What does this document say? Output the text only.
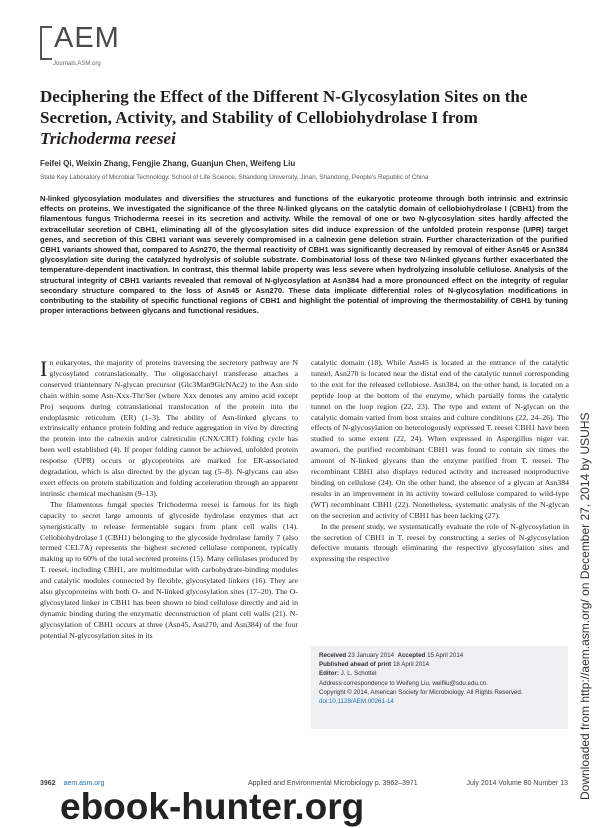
AEM
Journals.ASM.org
Deciphering the Effect of the Different N-Glycosylation Sites on the
Secretion, Activity, and Stability of Cellobiohydrolase I from
Trichoderma reesei
Feifei Qi, Weixin Zhang, Fengjie Zhang, Guanjun Chen, Weifeng Liu
State Key Laboratory of Microbial Technology, School of Life Science, Shandong University, Jinan, Shandong, People's Republic of China
N-linked glycosylation modulates and diversifies the structures and functions of the eukaryotic proteome through both intrinsic and extrinsic effects on proteins. We investigated the significance of the three N-linked glycans on the catalytic domain of cellobiohydrolase I (CBH1) from the filamentous fungus Trichoderma reesei in its secretion and activity. While the removal of one or two N-glycosylation sites hardly affected the extracellular secretion of CBH1, eliminating all of the glycosylation sites did induce expression of the unfolded protein response (UPR) target genes, and secretion of this CBH1 variant was severely compromised in a calnexin gene deletion strain. Further characterization of the purified CBH1 variants showed that, compared to Asn270, the thermal reactivity of CBH1 was significantly decreased by removal of either Asn45 or Asn384 glycosylation site during the catalyzed hydrolysis of soluble substrate. Combinatorial loss of these two N-linked glycans further exacerbated the temperature-dependent inactivation. In contrast, this thermal labile property was less severe when hydrolyzing insoluble cellulose. Analysis of the structural integrity of CBH1 variants revealed that removal of N-glycosylation at Asn384 had a more pronounced effect on the integrity of regular secondary structure compared to the loss of Asn45 or Asn270. These data implicate differential roles of N-glycosylation modifications in contributing to the stability of specific functional regions of CBH1 and highlight the potential of improving the thermostability of CBH1 by tuning proper interactions between glycans and functional residues.

In eukaryotes, the majority of proteins traversing the secretory pathway are N glycosylated cotranslationally. The oligosaccharyl transferase attaches a conserved triantennary N-glycan precursor (Glc3Man9GlcNAc2) to the Asn side chain within some Asn-Xxx-Thr/Ser (where Xxx denotes any amino acid except Pro) sequons during cotranslational translocation of the protein into the endoplasmic reticulum (ER) (1–3). The ability of Asn-linked glycans to extrinsically enhance protein folding and reduce aggregation in vivo by directing the protein into the calnexin and/or calreticulin (CNX/CRT) folding cycle has been well established (4). If proper folding cannot be achieved, unfolded protein response (UPR) occurs or glycoproteins are marked for ER-associated degradation, which is also directed by the glycan tag (5–8). N-glycans can also exert effects on protein stabilization and folding acceleration through an apparent intrinsic chemical mechanism (9–13).

The filamentous fungal species Trichoderma reesei is famous for its high capacity to secret large amounts of glycoside hydrolase enzymes that act synergistically to release fermentable sugars from plant cell walls (14). Cellobiohydrolase I (CBH1) belonging to the glycoside hydrolase family 7 (also termed CEL7A) represents the highest secreted cellulase component, typically making up to 60% of the total secreted proteins (15). Many cellulases produced by T. reesei, including CBH1, are multimodular with carbohydrate-binding modules and catalytic modules connected by flexible, glycosylated linkers (16). They are also glycoproteins with both O- and N-linked glycosylation sites (17–20). The O-glycosylated linker in CBH1 has been shown to bind cellulose directly and aid in dynamic binding during the enzymatic deconstruction of plant cell walls (21). N-glycosylation of CBH1 occurs at three (Asn45, Asn270, and Asn384) of the four potential N-glycosylation sites in its

catalytic domain (18). While Asn45 is located at the entrance of the catalytic tunnel, Asn270 is located near the distal end of the catalytic tunnel corresponding to the exit for the released cellobiose. Asn384, on the other hand, is located on a peptide loop at the bottom of the enzyme, which partially forms the catalytic tunnel on the loop region (22, 23). The type and extent of N-glycan on the catalytic domain varied from host strains and culture conditions (22, 24–26). The effects of N-glycosylation on heterologously expressed T. reesei CBH1 have been studied to some extent (22, 24). When expressed in Aspergillus niger var. awamori, the purified recombinant CBH1 was found to contain six times the amount of N-linked glycans than the enzyme purified from T. reesei. The recombinant CBH1 also displays reduced activity and increased nonproductive binding on cellulose (24). On the other hand, the absence of a glycan at Asn384 results in an improvement in its activity toward cellulose compared to wild-type (WT) recombinant CBH1 (22). Nonetheless, systematic analysis of the N-glycan on the secretion and activity of CBH1 has been lacking (27).

In the present study, we systematically evaluate the role of N-glycosylation in the secretion of CBH1 in T. reesei by constructing a series of N-glycosylation defective mutants through eliminating the respective glycosylation sites and expressing the respective

Received 23 January 2014 Accepted 15 April 2014
Published ahead of print 18 April 2014
Editor: J. L. Schottel
Address correspondence to Weifeng Liu, weifliu@sdu.edu.cn.
Copyright © 2014, American Society for Microbiology. All Rights Reserved.
doi:10.1128/AEM.00261-14	Downloaded from http://aem.asm.org/ on December 27, 2014 by USUHS
3962 aem.asm.org	Applied and Environmental Microbiology p. 3962–3971	July 2014 Volume 80 Number 13
ebook-hunter.org
